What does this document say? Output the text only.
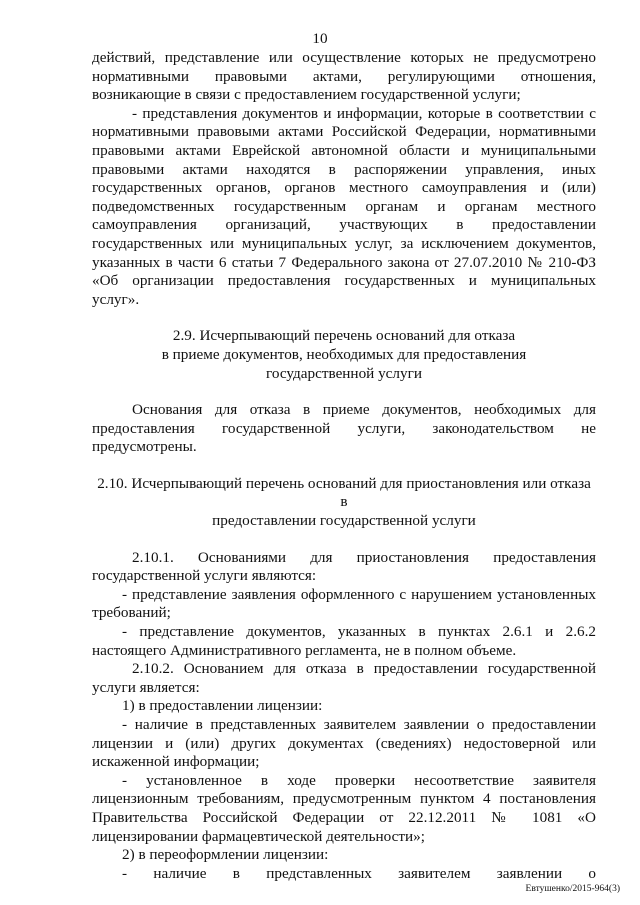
10

действий, представление или осуществление которых не предусмотрено нормативными правовыми актами, регулирующими отношения, возникающие в связи с предоставлением государственной услуги;

- представления документов и информации, которые в соответствии с нормативными правовыми актами Российской Федерации, нормативными правовыми актами Еврейской автономной области и муниципальными правовыми актами находятся в распоряжении управления, иных государственных органов, органов местного самоуправления и (или) подведомственных государственным органам и органам местного самоуправления организаций, участвующих в предоставлении государственных или муниципальных услуг, за исключением документов, указанных в части 6 статьи 7 Федерального закона от 27.07.2010 № 210-ФЗ «Об организации предоставления государственных и муниципальных услуг».

2.9. Исчерпывающий перечень оснований для отказа

в приеме документов, необходимых для предоставления

государственной услуги

Основания для отказа в приеме документов, необходимых для предоставления государственной услуги, законодательством не предусмотрены.

2.10. Исчерпывающий перечень оснований для приостановления или отказа в

предоставлении государственной услуги

2.10.1. Основаниями для приостановления предоставления государственной услуги являются:

- представление заявления оформленного с нарушением установленных требований;

- представление документов, указанных в пунктах 2.6.1 и 2.6.2 настоящего Административного регламента, не в полном объеме.

2.10.2. Основанием для отказа в предоставлении государственной услуги является:

1) в предоставлении лицензии:

- наличие в представленных заявителем заявлении о предоставлении лицензии и (или) других документах (сведениях) недостоверной или искаженной информации;

- установленное в ходе проверки несоответствие заявителя лицензионным требованиям, предусмотренным пунктом 4 постановления Правительства Российской Федерации от 22.12.2011 № 1081 «О лицензировании фармацевтической деятельности»;

2) в переоформлении лицензии:

- наличие в представленных заявителем заявлении о

Евтушенко/2015-964(3)
